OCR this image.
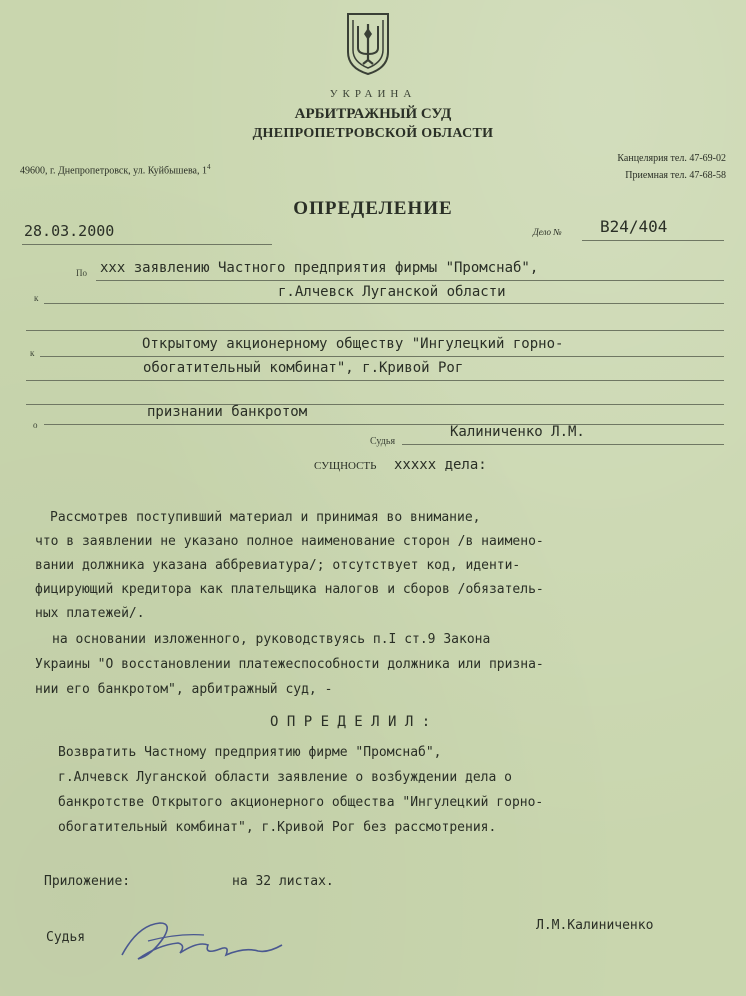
УКРАИНА
АРБИТРАЖНЫЙ СУД
ДНЕПРОПЕТРОВСКОЙ ОБЛАСТИ
49600, г. Днепропетровск, ул. Куйбышева, $1^4$
Канцелярия тел. 47-69-02
Приемная тел. 47-68-58
ОПРЕДЕЛЕНИЕ
28.03.2000	Дело № В24/404
По xxx заявлению Частного предприятия фирмы "Промснаб",
к	г.Алчевск Луганской области
к
Открытому акционерному обществу "Ингулецкий горно-
обогатительный комбинат", г.Кривой Рог
о
признании банкротом
Судья
Калиниченко Л.М.
СУЩНОСТЬ xxxxx дела:
Рассмотрев поступивший материал и принимая во внимание,
что в заявлении не указано полное наименование сторон /в наимено-
вании должника указана аббревиатура/; отсутствует код, иденти-
фицирующий кредитора как плательщика налогов и сборов /обязатель-
ных платежей/.
на основании изложенного, руководствуясь п.I ст.9 Закона
Украины "О восстановлении платежеспособности должника или призна-
нии его банкротом", арбитражный суд, -
О П Р Е Д Е Л И Л :
Возвратить Частному предприятию фирме "Промснаб",
г.Алчевск Луганской области заявление о возбуждении дела о
банкротстве Открытого акционерного общества "Ингулецкий горно-
обогатительный комбинат", г.Кривой Рог без рассмотрения.
Приложение:	на 32 листах.
Судья
Л.М.Калиниченко
